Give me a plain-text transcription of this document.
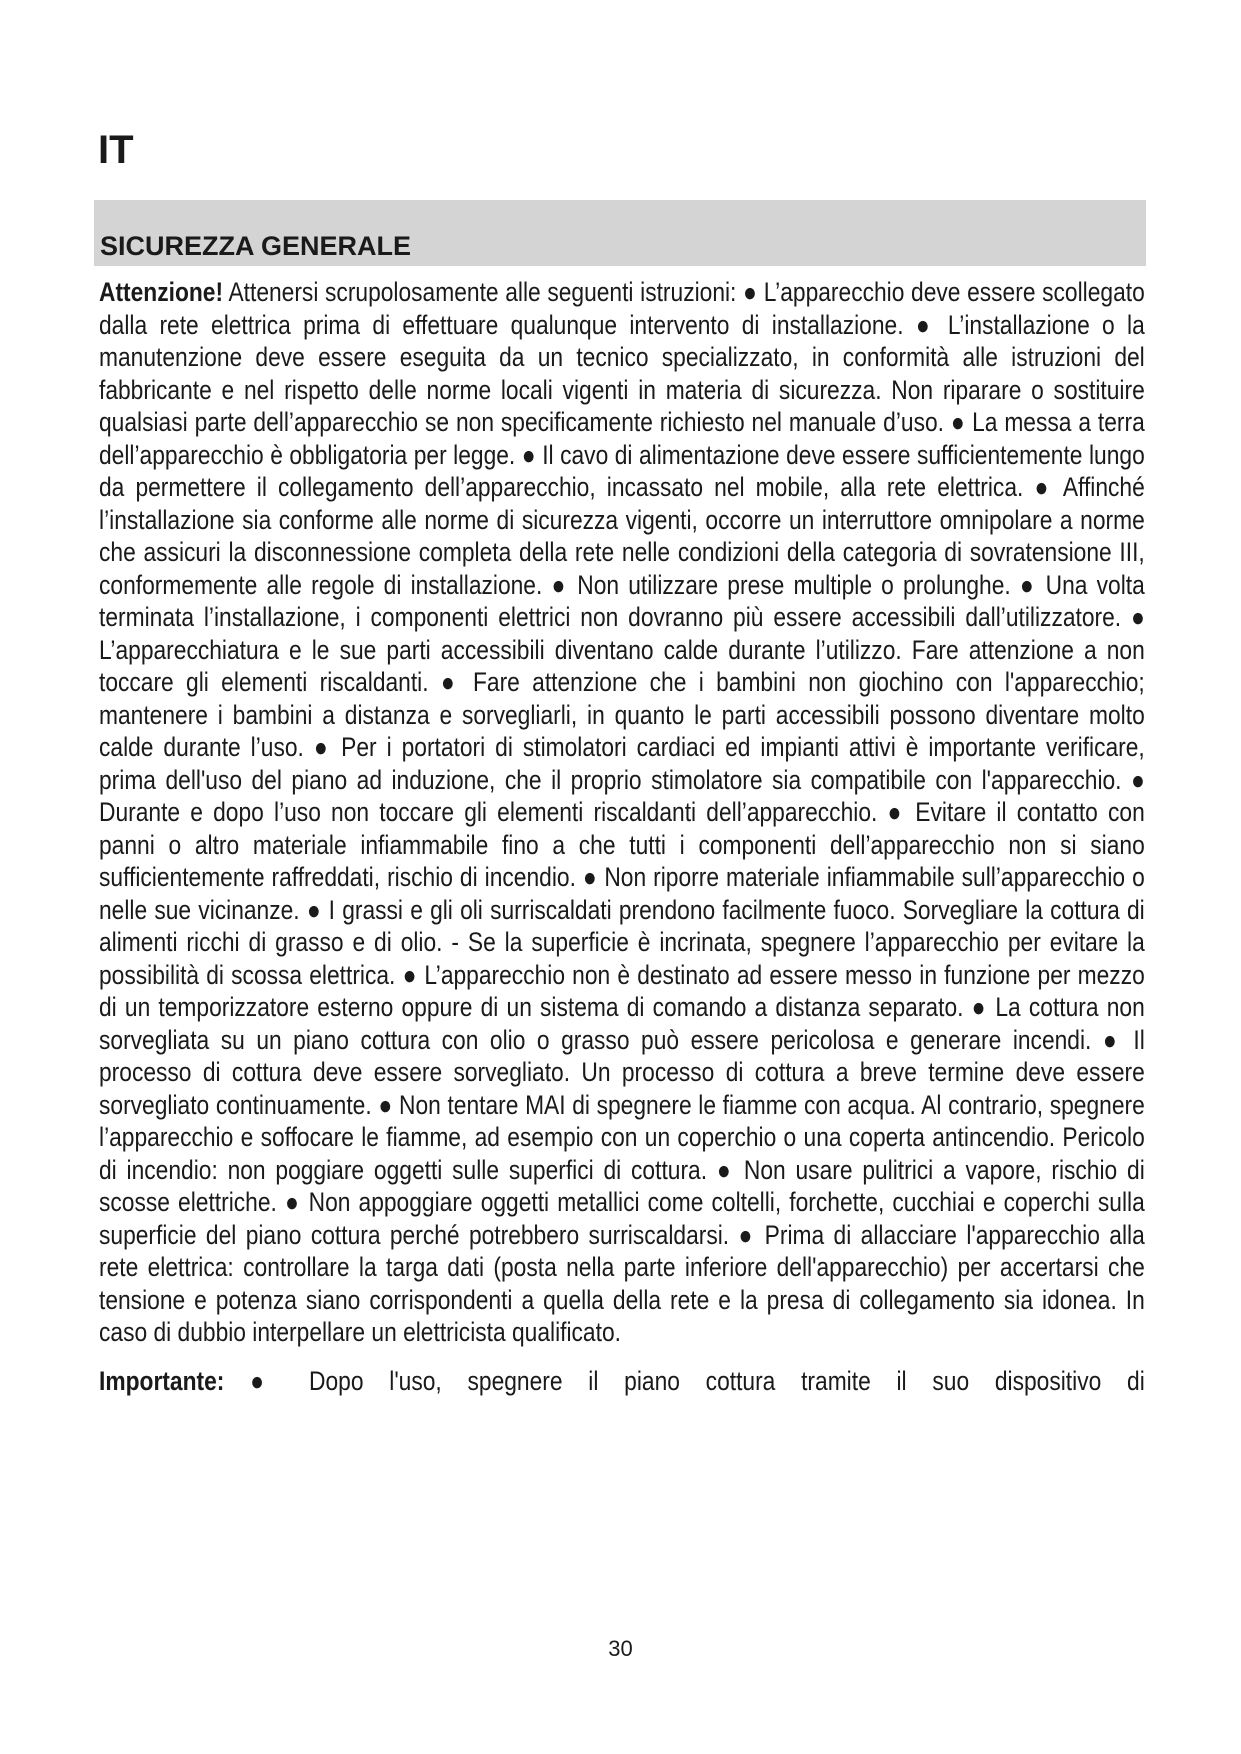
IT
SICUREZZA GENERALE

Attenzione! Attenersi scrupolosamente alle seguenti istruzioni: ● L’apparecchio deve essere scollegato dalla rete elettrica prima di effettuare qualunque intervento di installazione. ● L’installazione o la manutenzione deve essere eseguita da un tecnico specializzato, in conformità alle istruzioni del fabbricante e nel rispetto delle norme locali vigenti in materia di sicurezza. Non riparare o sostituire qualsiasi parte dell’apparecchio se non specificamente richiesto nel manuale d’uso. ● La messa a terra dell’apparecchio è obbligatoria per legge. ● Il cavo di alimentazione deve essere sufficientemente lungo da permettere il collegamento dell’apparecchio, incassato nel mobile, alla rete elettrica. ● Affinché l’installazione sia conforme alle norme di sicurezza vigenti, occorre un interruttore omnipolare a norme che assicuri la disconnessione completa della rete nelle condizioni della categoria di sovratensione III, conformemente alle regole di installazione. ● Non utilizzare prese multiple o prolunghe. ● Una volta terminata l’installazione, i componenti elettrici non dovranno più essere accessibili dall’utilizzatore. ● L’apparecchiatura e le sue parti accessibili diventano calde durante l’utilizzo. Fare attenzione a non toccare gli elementi riscaldanti. ● Fare attenzione che i bambini non giochino con l'apparecchio; mantenere i bambini a distanza e sorvegliarli, in quanto le parti accessibili possono diventare molto calde durante l’uso. ● Per i portatori di stimolatori cardiaci ed impianti attivi è importante verificare, prima dell'uso del piano ad induzione, che il proprio stimolatore sia compatibile con l'apparecchio. ● Durante e dopo l’uso non toccare gli elementi riscaldanti dell’apparecchio. ● Evitare il contatto con panni o altro materiale infiammabile fino a che tutti i componenti dell’apparecchio non si siano sufficientemente raffreddati, rischio di incendio. ● Non riporre materiale infiammabile sull’apparecchio o nelle sue vicinanze. ● I grassi e gli oli surriscaldati prendono facilmente fuoco. Sorvegliare la cottura di alimenti ricchi di grasso e di olio. - Se la superficie è incrinata, spegnere l’apparecchio per evitare la possibilità di scossa elettrica. ● L’apparecchio non è destinato ad essere messo in funzione per mezzo di un temporizzatore esterno oppure di un sistema di comando a distanza separato. ● La cottura non sorvegliata su un piano cottura con olio o grasso può essere pericolosa e generare incendi. ● Il processo di cottura deve essere sorvegliato. Un processo di cottura a breve termine deve essere sorvegliato continuamente. ● Non tentare MAI di spegnere le fiamme con acqua. Al contrario, spegnere l’apparecchio e soffocare le fiamme, ad esempio con un coperchio o una coperta antincendio. Pericolo di incendio: non poggiare oggetti sulle superfici di cottura. ● Non usare pulitrici a vapore, rischio di scosse elettriche. ● Non appoggiare oggetti metallici come coltelli, forchette, cucchiai e coperchi sulla superficie del piano cottura perché potrebbero surriscaldarsi. ● Prima di allacciare l'apparecchio alla rete elettrica: controllare la targa dati (posta nella parte inferiore dell'apparecchio) per accertarsi che tensione e potenza siano corrispondenti a quella della rete e la presa di collegamento sia idonea. In caso di dubbio interpellare un elettricista qualificato.

Importante: ● Dopo l'uso, spegnere il piano cottura tramite il suo dispositivo di

30
